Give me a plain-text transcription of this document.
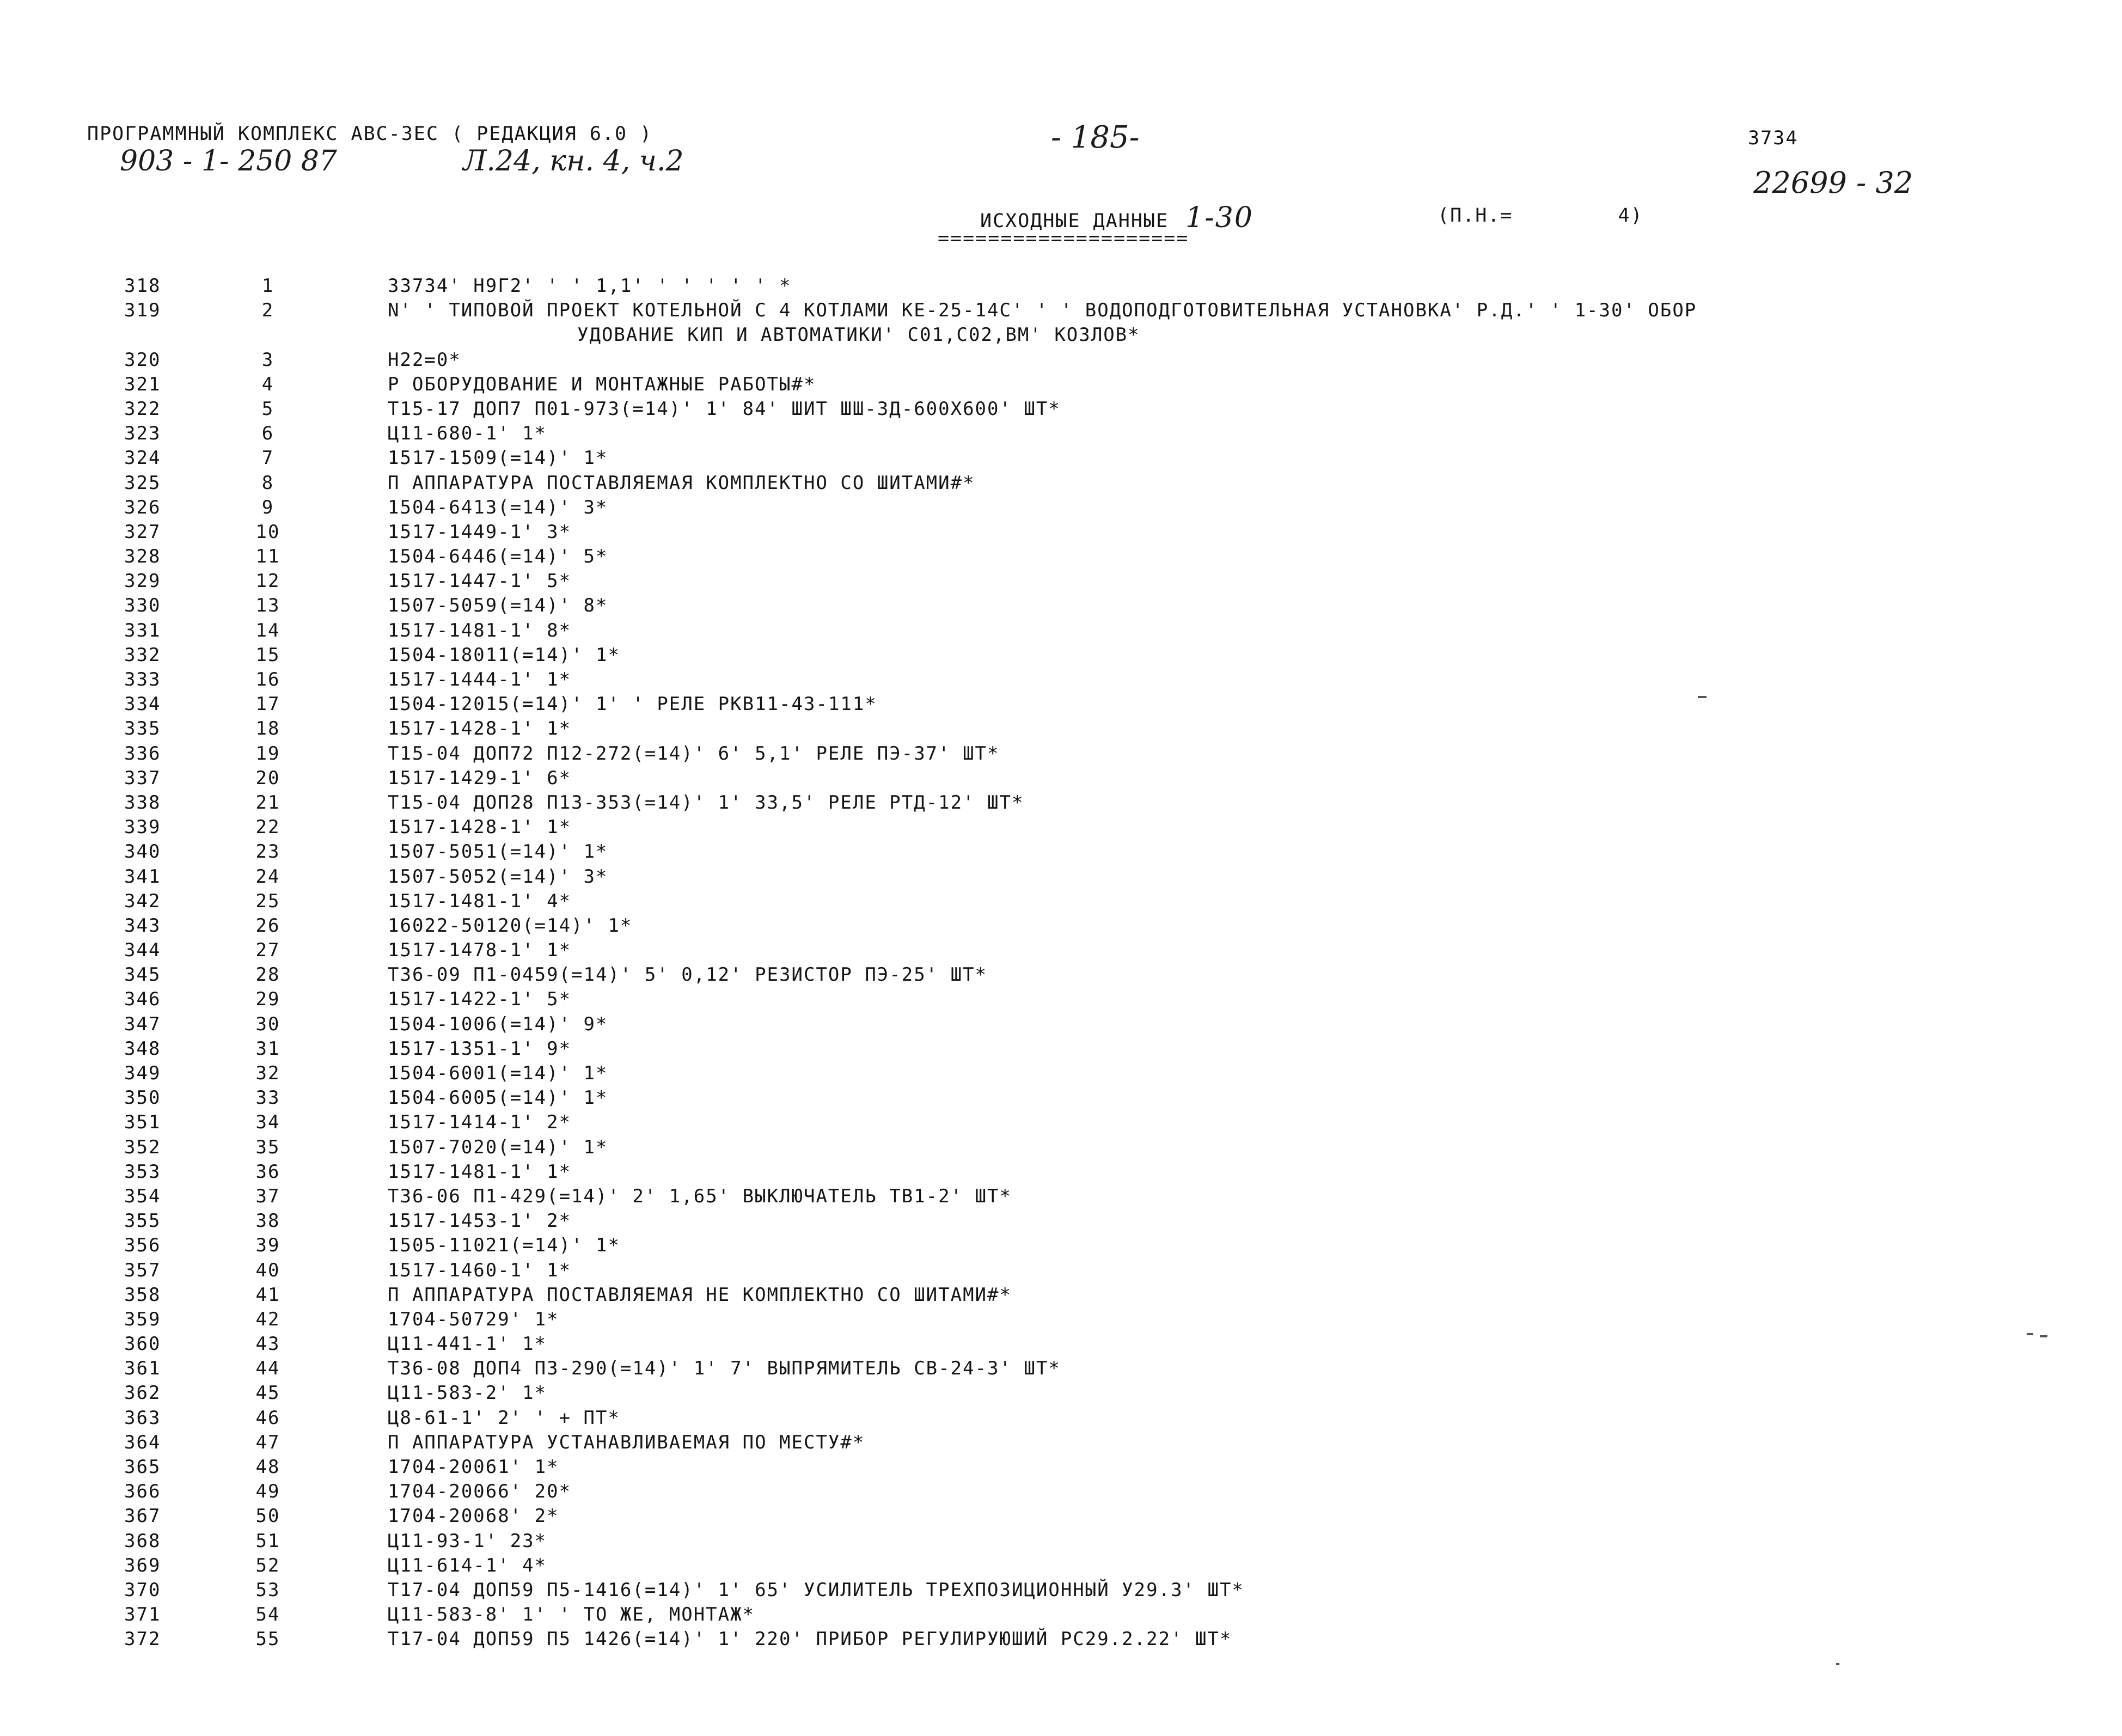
ПРОГРАММНЫЙ КОМПЛЕКС АВС-ЗЕС ( РЕДАКЦИЯ 6.0 )
903 - 1- 250 87	Л.24, кн. 4, ч.2
- 185-	3734
22699 - 32
ИСХОДНЫЕ ДАННЫЕ 1-30	(П.Н.=	4)
====================
318	1	33734' Н9Г2' ' ' 1,1' ' ' ' ' ' *
319	2	N' ' ТИПОВОЙ ПРОЕКТ КОТЕЛЬНОЙ С 4 КОТЛАМИ КЕ-25-14С' ' ' ВОДОПОДГОТОВИТЕЛЬНАЯ УСТАНОВКА' Р.Д.' ' 1-30' ОБОР
УДОВАНИЕ КИП И АВТОМАТИКИ' С01,С02,ВМ' КОЗЛОВ*
320	3	Н22=0*
321	4	Р ОБОРУДОВАНИЕ И МОНТАЖНЫЕ РАБОТЫ#*
322	5	Т15-17 ДОП7 П01-973(=14)' 1' 84' ШИТ ШШ-3Д-600Х600' ШТ*
323	6	Ц11-680-1' 1*
324	7	1517-1509(=14)' 1*
325	8	П АППАРАТУРА ПОСТАВЛЯЕМАЯ КОМПЛЕКТНО СО ШИТАМИ#*
326	9	1504-6413(=14)' 3*
327	10	1517-1449-1' 3*
328	11	1504-6446(=14)' 5*
329	12	1517-1447-1' 5*
330	13	1507-5059(=14)' 8*
331	14	1517-1481-1' 8*
332	15	1504-18011(=14)' 1*
333	16	1517-1444-1' 1*
334	17	1504-12015(=14)' 1' ' РЕЛЕ РКВ11-43-111*
335	18	1517-1428-1' 1*
336	19	Т15-04 ДОП72 П12-272(=14)' 6' 5,1' РЕЛЕ ПЭ-37' ШТ*
337	20	1517-1429-1' 6*
338	21	Т15-04 ДОП28 П13-353(=14)' 1' 33,5' РЕЛЕ РТД-12' ШТ*
339	22	1517-1428-1' 1*
340	23	1507-5051(=14)' 1*
341	24	1507-5052(=14)' 3*
342	25	1517-1481-1' 4*
343	26	16022-50120(=14)' 1*
344	27	1517-1478-1' 1*
345	28	Т36-09 П1-0459(=14)' 5' 0,12' РЕЗИСТОР ПЭ-25' ШТ*
346	29	1517-1422-1' 5*
347	30	1504-1006(=14)' 9*
348	31	1517-1351-1' 9*
349	32	1504-6001(=14)' 1*
350	33	1504-6005(=14)' 1*
351	34	1517-1414-1' 2*
352	35	1507-7020(=14)' 1*
353	36	1517-1481-1' 1*
354	37	Т36-06 П1-429(=14)' 2' 1,65' ВЫКЛЮЧАТЕЛЬ ТВ1-2' ШТ*
355	38	1517-1453-1' 2*
356	39	1505-11021(=14)' 1*
357	40	1517-1460-1' 1*
358	41	П АППАРАТУРА ПОСТАВЛЯЕМАЯ НЕ КОМПЛЕКТНО СО ШИТАМИ#*
359	42	1704-50729' 1*
360	43	Ц11-441-1' 1*
361	44	Т36-08 ДОП4 П3-290(=14)' 1' 7' ВЫПРЯМИТЕЛЬ СВ-24-3' ШТ*
362	45	Ц11-583-2' 1*
363	46	Ц8-61-1' 2' ' + ПТ*
364	47	П АППАРАТУРА УСТАНАВЛИВАЕМАЯ ПО МЕСТУ#*
365	48	1704-20061' 1*
366	49	1704-20066' 20*
367	50	1704-20068' 2*
368	51	Ц11-93-1' 23*
369	52	Ц11-614-1' 4*
370	53	Т17-04 ДОП59 П5-1416(=14)' 1' 65' УСИЛИТЕЛЬ ТРЕХПОЗИЦИОННЫЙ У29.3' ШТ*
371	54	Ц11-583-8' 1' ' ТО ЖЕ, МОНТАЖ*
372	55	Т17-04 ДОП59 П5 1426(=14)' 1' 220' ПРИБОР РЕГУЛИРУЮШИЙ РС29.2.22' ШТ*
